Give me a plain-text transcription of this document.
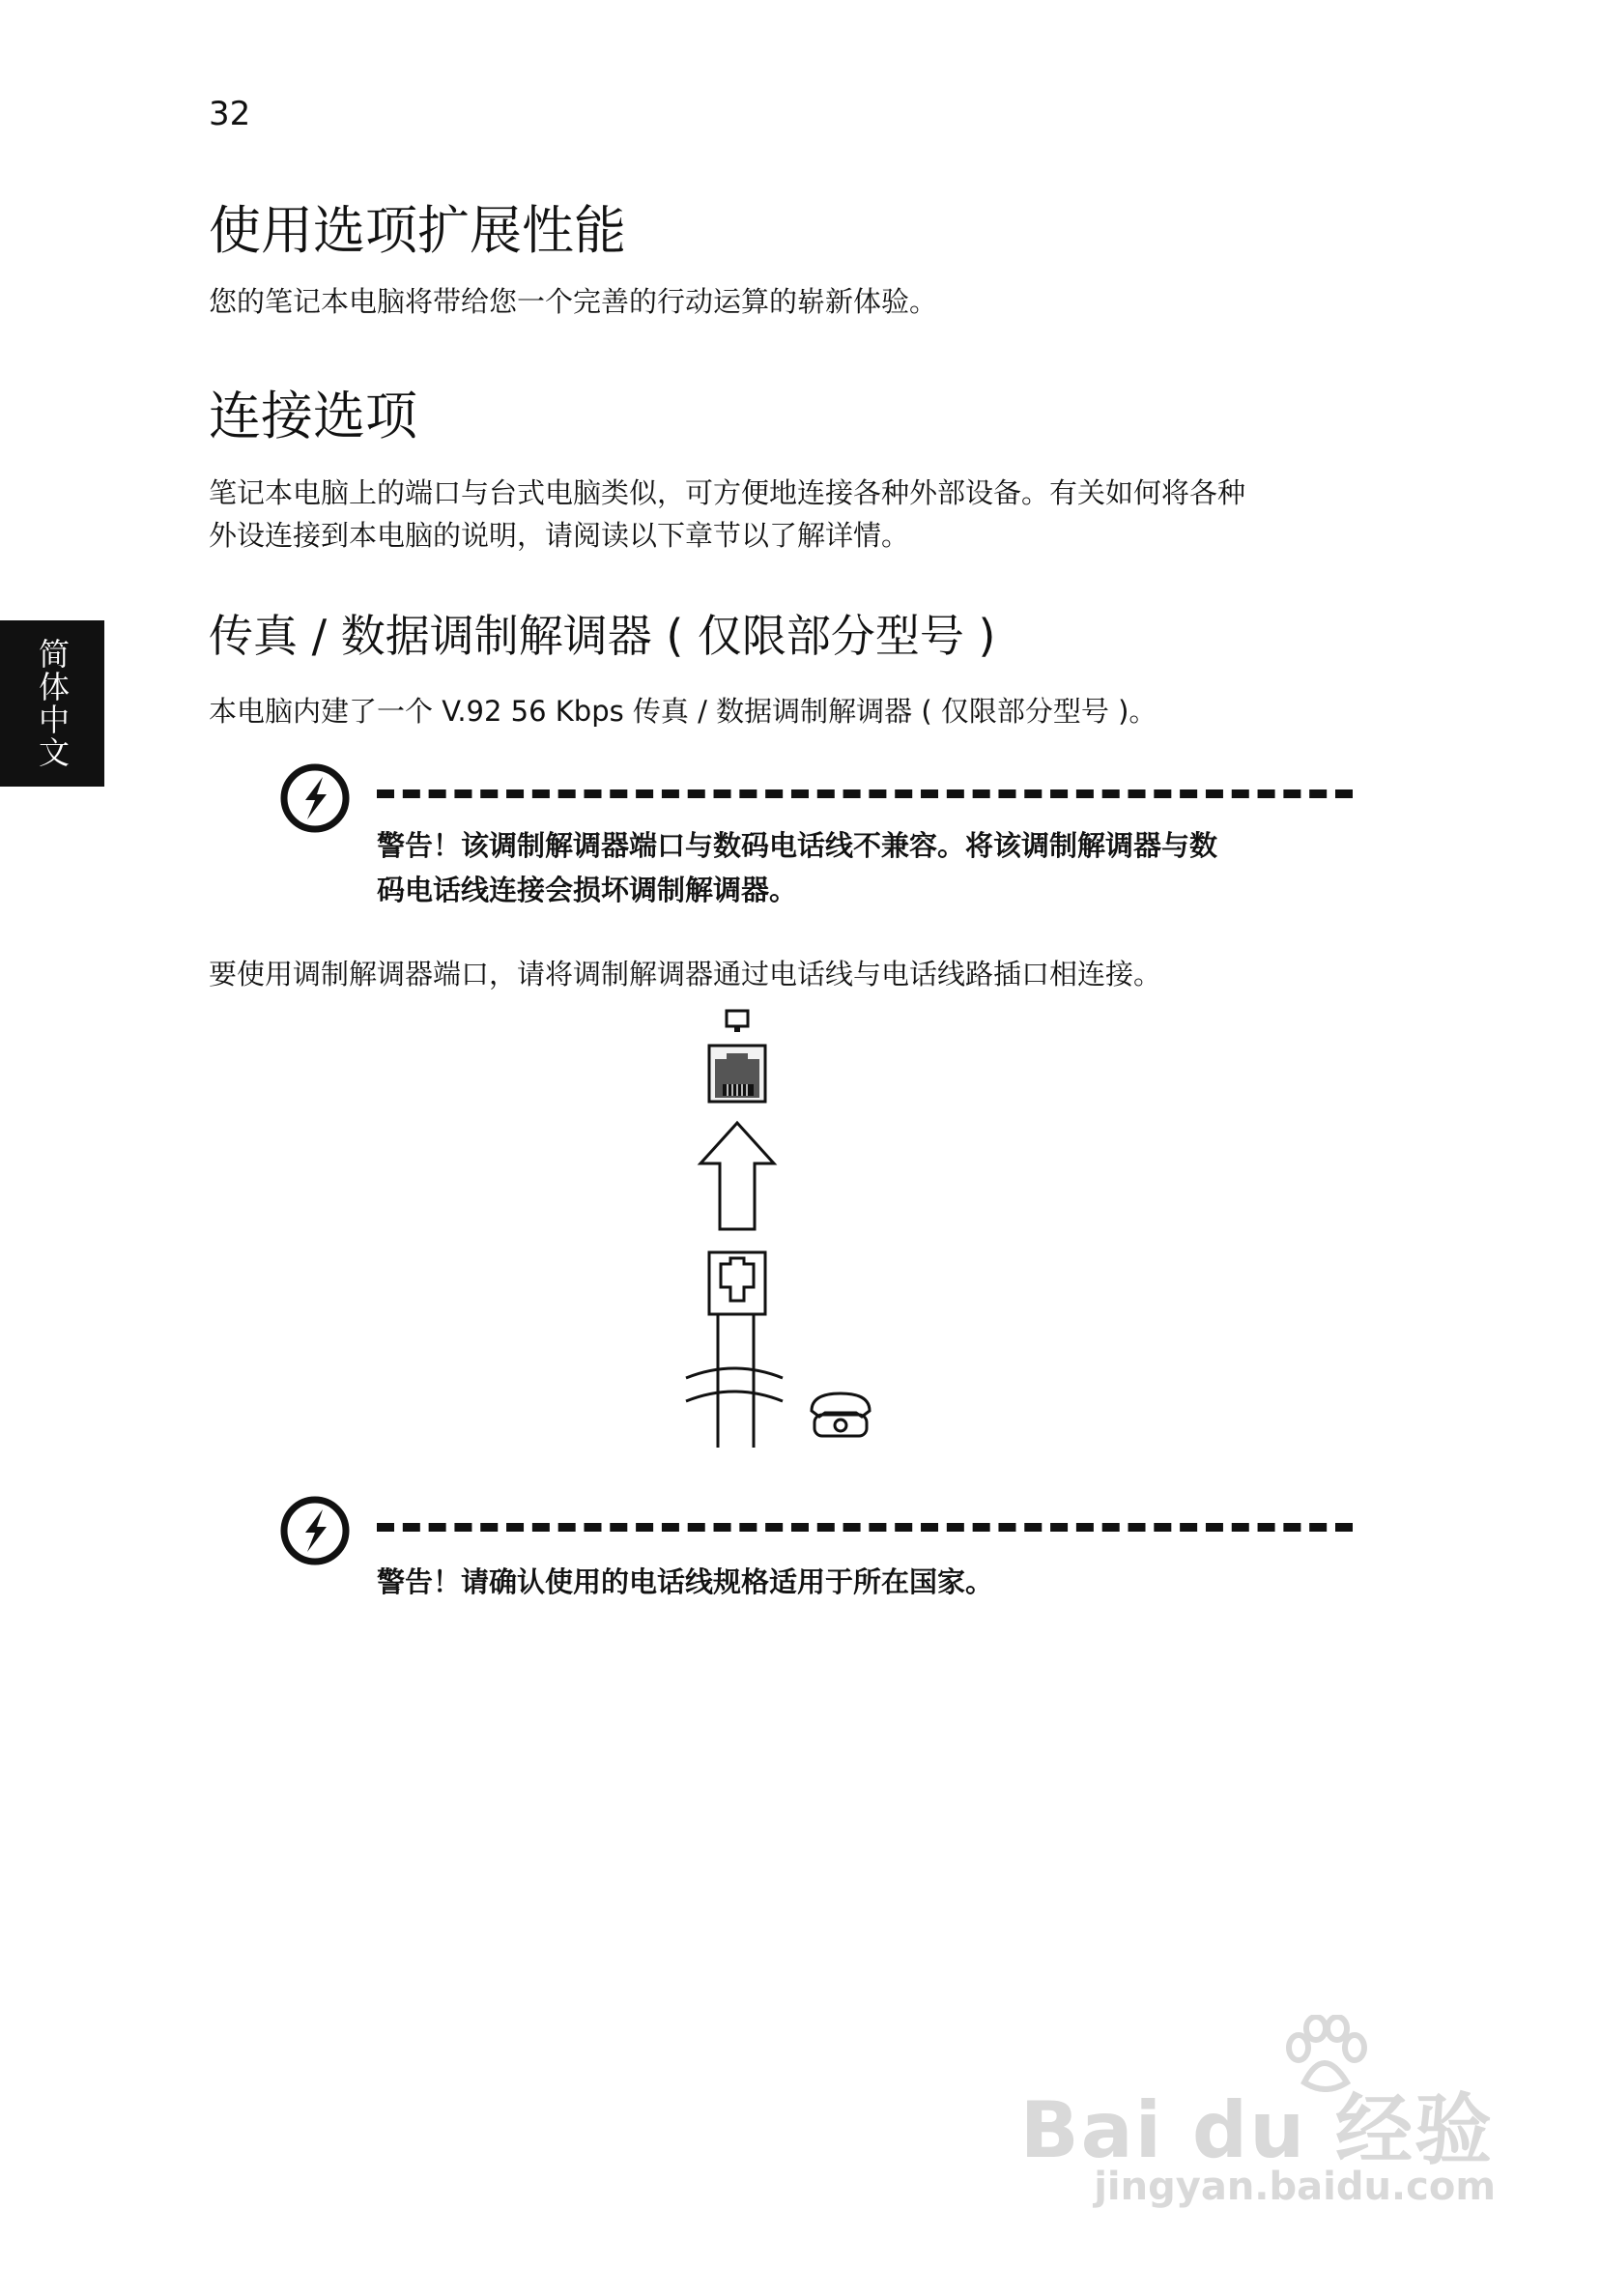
32
简体中文
使用选项扩展性能
您的笔记本电脑将带给您一个完善的行动运算的崭新体验。
连接选项
笔记本电脑上的端口与台式电脑类似，可方便地连接各种外部设备。有关如何将各种
外设连接到本电脑的说明，请阅读以下章节以了解详情。
传真 / 数据调制解调器 ( 仅限部分型号 )
本电脑内建了一个 V.92 56 Kbps 传真 / 数据调制解调器 ( 仅限部分型号 )。
警告！该调制解调器端口与数码电话线不兼容。将该调制解调器与数
码电话线连接会损坏调制解调器。
要使用调制解调器端口，请将调制解调器通过电话线与电话线路插口相连接。
警告！请确认使用的电话线规格适用于所在国家。
Bai du 经验
jingyan.baidu.com
